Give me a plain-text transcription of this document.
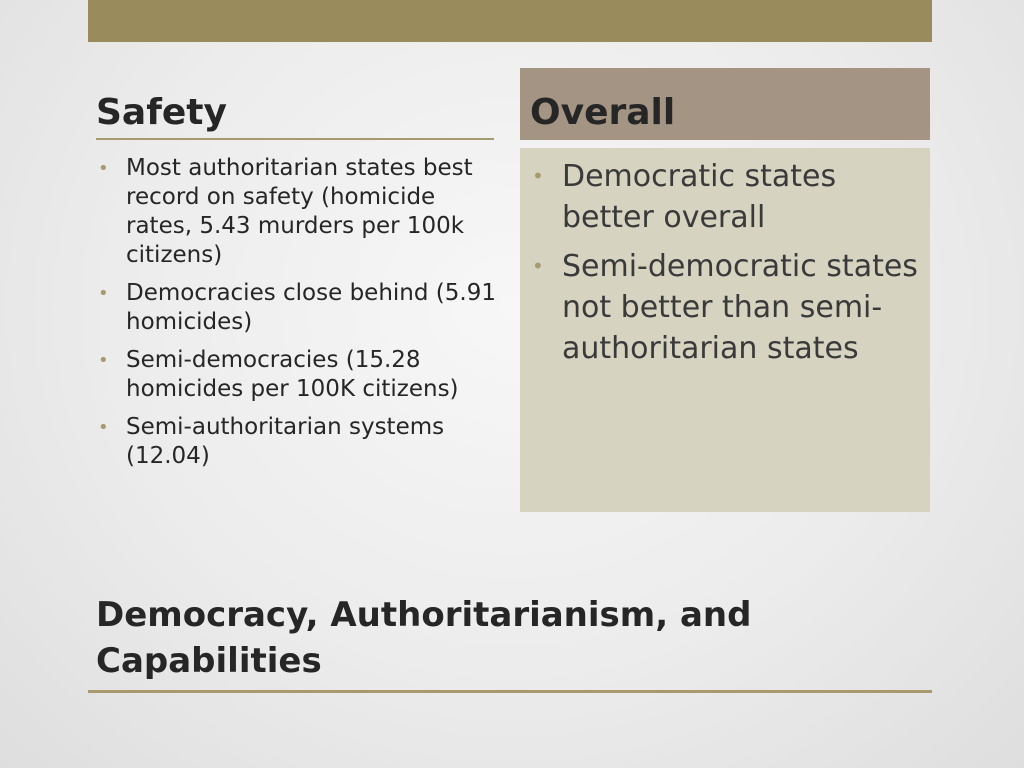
Safety
• Most authoritarian states best record on safety (homicide rates, 5.43 murders per 100k citizens)
• Democracies close behind (5.91 homicides)
• Semi-democracies (15.28 homicides per 100K citizens)
• Semi-authoritarian systems (12.04)
Overall
• Democratic states better overall
• Semi-democratic states not better than semi-authoritarian states
Democracy, Authoritarianism, and Capabilities
